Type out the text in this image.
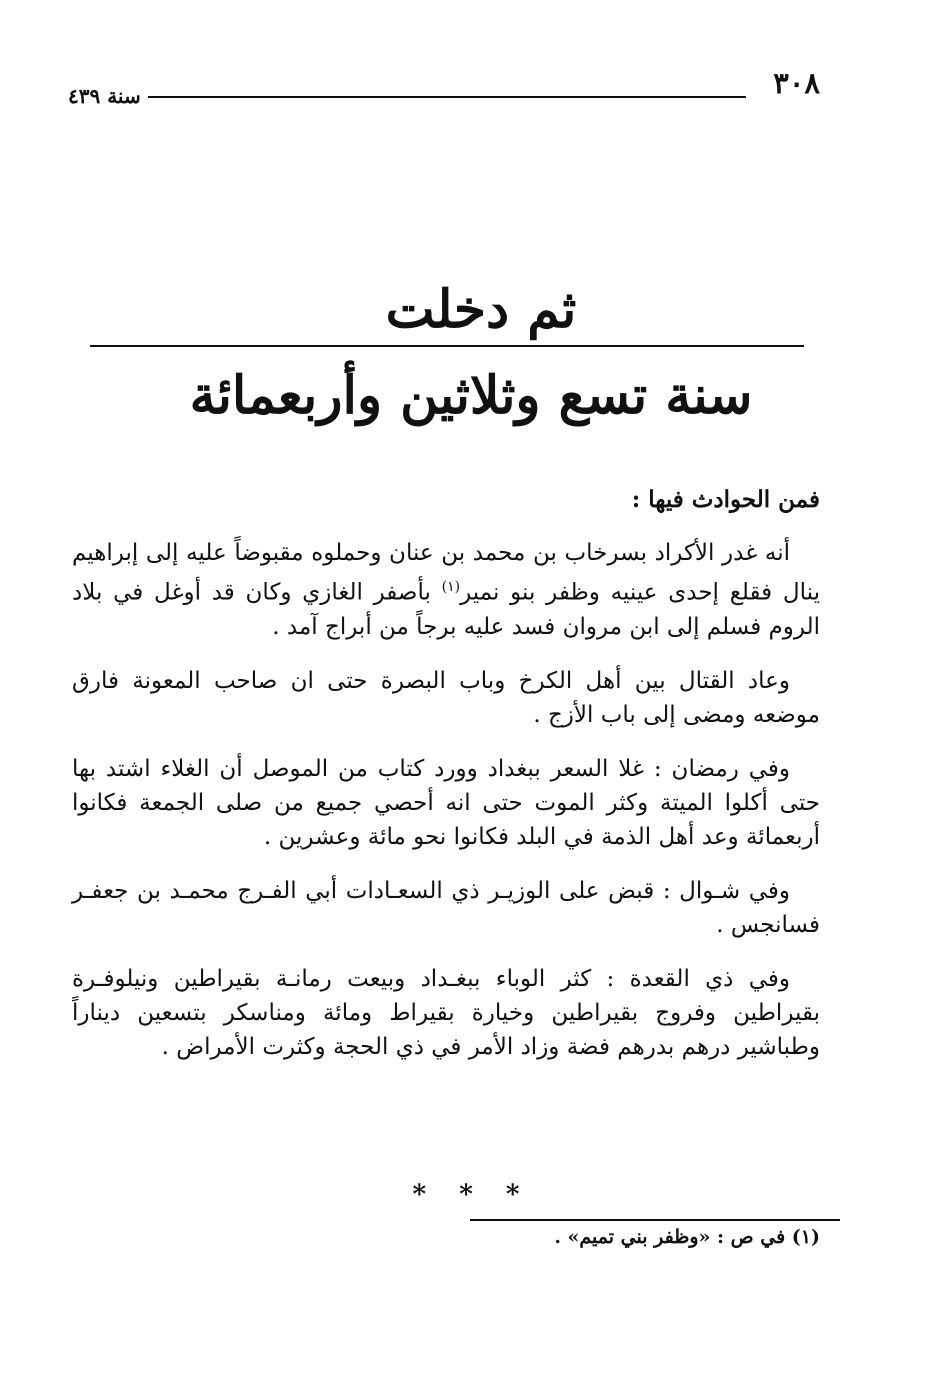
٣٠٨
سنة ٤٣٩
ثم دخلت
سنة تسع وثلاثين وأربعمائة
فمن الحوادث فيها :

أنه غدر الأكراد بسرخاب بن محمد بن عنان وحملوه مقبوضاً عليه إلى إبراهيم ينال فقلع إحدى عينيه وظفر بنو نمير$^{(١)}$ بأصفر الغازي وكان قد أوغل في بلاد الروم فسلم إلى ابن مروان فسد عليه برجاً من أبراج آمد .

وعاد القتال بين أهل الكرخ وباب البصرة حتى ان صاحب المعونة فارق موضعه ومضى إلى باب الأزج .

وفي رمضان : غلا السعر ببغداد وورد كتاب من الموصل أن الغلاء اشتد بها حتى أكلوا الميتة وكثر الموت حتى انه أحصي جميع من صلى الجمعة فكانوا أربعمائة وعد أهل الذمة في البلد فكانوا نحو مائة وعشرين .

وفي شـوال : قبض على الوزيـر ذي السعـادات أبي الفـرج محمـد بن جعفـر فسانجس .

وفي ذي القعدة : كثر الوباء ببغـداد وبيعت رمانـة بقيراطين ونيلوفـرة بقيراطين وفروج بقيراطين وخيارة بقيراط ومائة ومناسكر بتسعين ديناراً وطباشير درهم بدرهم فضة وزاد الأمر في ذي الحجة وكثرت الأمراض .

* * *
(١) في ص : «وظفر بني تميم» .
